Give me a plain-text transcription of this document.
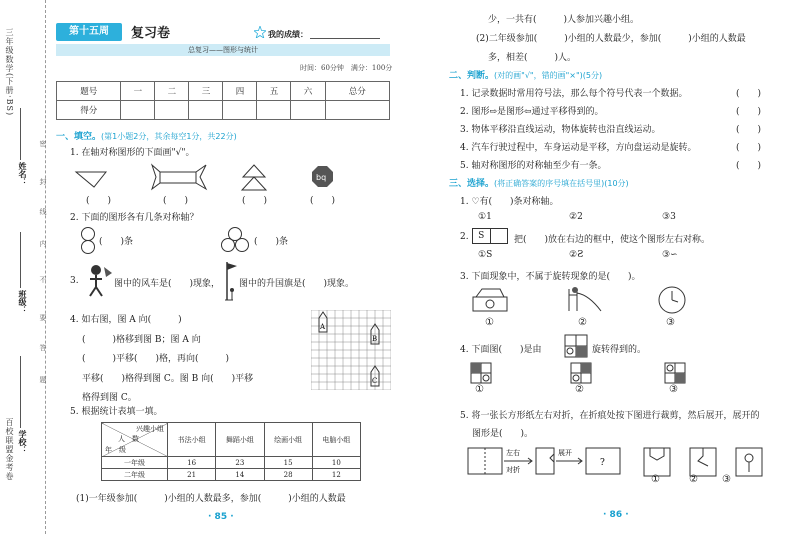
三年级数学(下册·BS)
百校联盟金考卷
姓名：
班级：
学校：
密
封
线
内
不
要
答
题
第十五周	复习卷	我的成绩：
总复习——图形与统计
时间：60分钟　满分：100分
题号	一	二	三	四	五	六	总分
得分							
一、填空。(第1小题2分，其余每空1分，共22分)
1. 在轴对称图形的下面画"√"。
bq
(　　)	(　　)	(　　)	(　　)
2. 下面的图形各有几条对称轴？
(　　)条	(　　)条
3.	图中的风车是(　　)现象， 图中的升国旗是(　　)现象。
4. 如右图，图 A 向(　　　)
(　　　)格移到图 B；图 A 向
(　　　)平移(　　)格，再向(　　　)
平移(　　)格得到图 C。图 B 向(　　)平移
格得到图 C。
A
B
C
5. 根据统计表填一填。
兴趣小组
人　数
年　级	书法小组	舞蹈小组	绘画小组	电脑小组
一年级	16	23	15	10
二年级	21	14	28	12
(1)一年级参加(　　　)小组的人数最多，参加(　　　)小组的人数最
· 85 ·
少，一共有(　　　)人参加兴趣小组。
(2)二年级参加(　　　)小组的人数最少，参加(　　　)小组的人数最
多，相差(　　　)人。
二、判断。(对的画"√"，错的画"×")(5分)
1. 记录数据时常用符号法，那么每个符号代表一个数据。	(　　)
2. 图形⇨是图形⇦通过平移得到的。	(　　)
3. 物体平移沿直线运动，物体旋转也沿直线运动。	(　　)
4. 汽车行驶过程中，车身运动是平移，方向盘运动是旋转。	(　　)
5. 轴对称图形的对称轴至少有一条。	(　　)
三、选择。(将正确答案的序号填在括号里)(10分)
1. ♡有(　　)条对称轴。
①1	②2	③3
2.	S	把(　　)放在右边的框中，使这个图形左右对称。
①S	②Ƨ	③∽
3. 下面现象中，不属于旋转现象的是(　　)。
①	②	③
4. 下面图(　　)是由	旋转得到的。
①	②	③
5. 将一张长方形纸左右对折，在折痕处按下图进行裁剪，然后展开，展开的
图形是(　　)。
左右
对折
展开
?
①	② ③
· 86 ·
